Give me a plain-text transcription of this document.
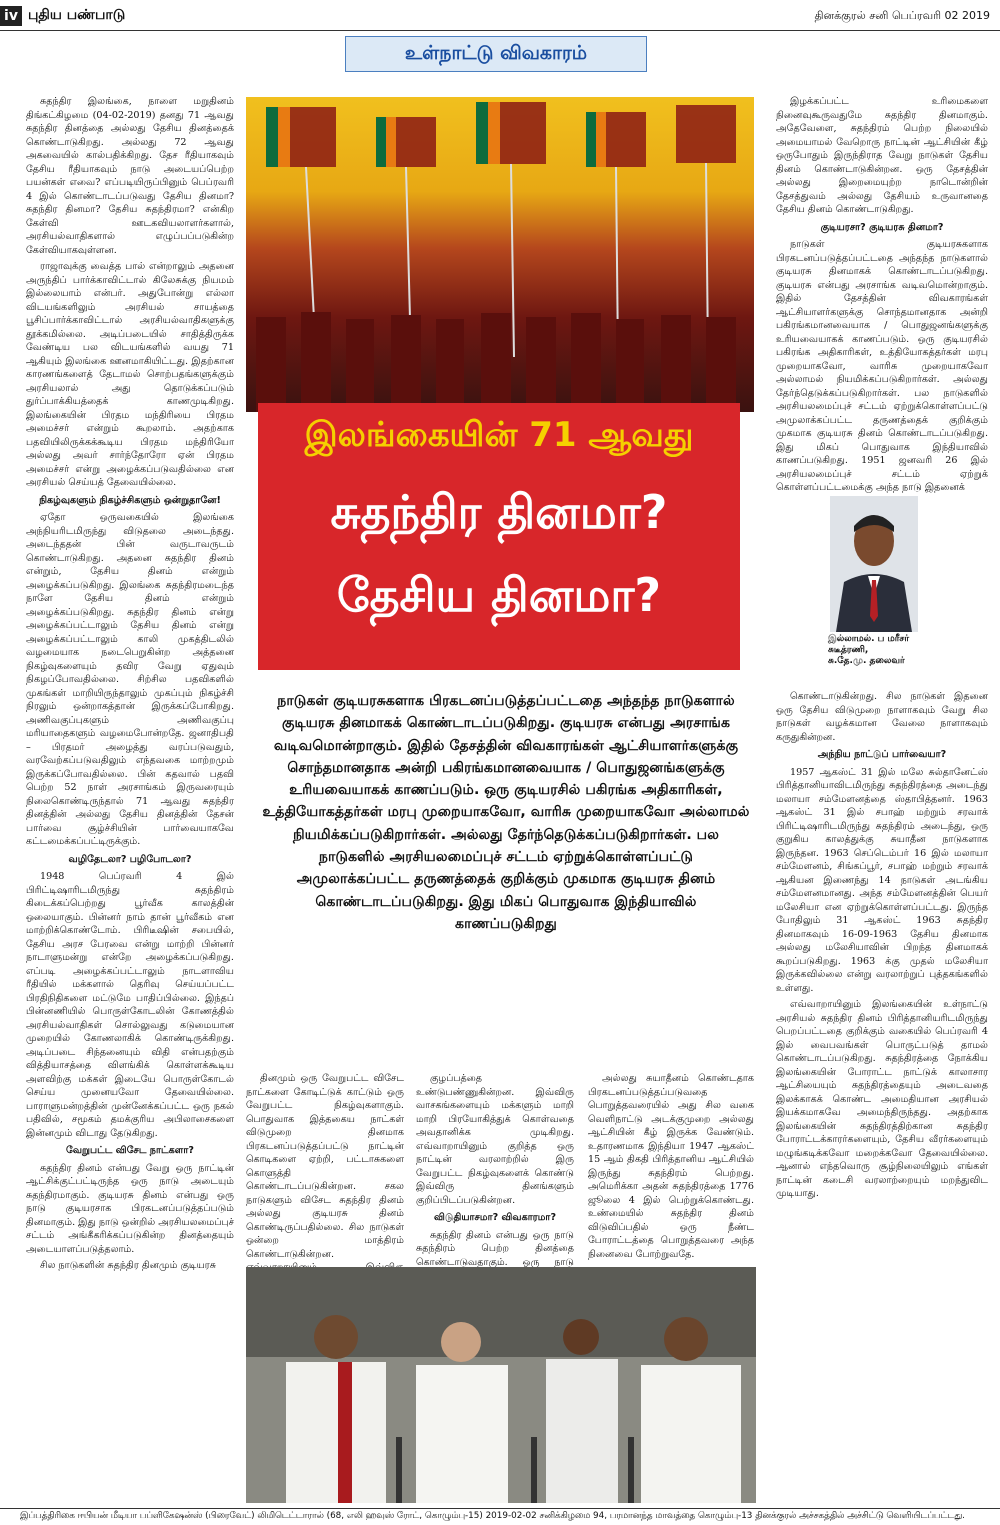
iv புதிய பண்பாடு	தினக்குரல் சனி பெப்ரவரி 02 2019
உள்நாட்டு விவகாரம்

சுதந்திர இலங்கை, நாளை மறுதினம் திங்கட்கிழமை (04-02-2019) தனது 71 ஆவது சுதந்திர தினத்தை அல்லது தேசிய தினத்தைக் கொண்டாடுகிறது. அல்லது 72 ஆவது அகவையில் கால்பதிக்கிறது. தேச ரீதியாகவும் தேசிய ரீதியாகவும் நாடு அடையப்பெற்ற பயன்கள் எவை? எப்படியிருப்பினும் பெப்ரவரி 4 இல் கொண்டாடப்படுவது தேசிய தினமா? சுதந்திர தினமா? தேசிய சுதந்திரமா? என்கிற கேள்வி ஊடகவியலாளர்களால், அரசியல்வாதிகளால் எழுப்பப்படுகின்ற கேள்வியாகவுள்ளன.

ராஜாவுக்கு வைத்த பால் என்றாலும் அதனை அருந்திப் பார்க்காவிட்டால் கிலேசுக்கு நியமம் இல்லையாம் என்பர். அதுபோன்று எல்லா விடயங்களிலும் அரசியல் சாயத்தை பூசிப்பார்க்காவிட்டால் அரசியல்வாதிகளுக்கு தூக்கமில்லை. அடிப்படையில் சாதித்திருக்க வேண்டிய பல விடயங்களில் வயது 71 ஆகியும் இலங்கை ஊனமாகியிட்டது. இதற்கான காரணங்களைத் தேடாமல் சொற்பதங்களுக்கும் அரசியலால் அது தொடுக்கப்படும் துர்ப்பாக்கியத்தைக் காணமுடிகிறது. இலங்கையின் பிரதம மந்திரியை பிரதம அமைச்சர் என்றும் கூறலாம். அதற்காக பதவியிலிருக்கக்கூடிய பிரதம மந்திரியோ அல்லது அவர் சார்ந்தோரோ ஏன் பிரதம அமைச்சர் என்று அழைக்கப்படுவதில்லை என அரசியல் செய்யத் தேவையில்லை.

நிகழ்வுகளும் நிகழ்ச்சிகளும் ஒன்றுதானே!

ஏதோ ஒருவகையில் இலங்கை அந்நியரிடமிருந்து விடுதலை அடைந்தது. அடைந்ததன் பின் வருடாவருடம் கொண்டாடுகிறது. அதனை சுதந்திர தினம் என்றும், தேசிய தினம் என்றும் அழைக்கப்படுகிறது. இலங்கை சுதந்திரமடைந்த நாளே தேசிய தினம் என்றும் அழைக்கப்படுகிறது. சுதந்திர தினம் என்று அழைக்கப்பட்டாலும் தேசிய தினம் என்று அழைக்கப்பட்டாலும் காலி முகத்திடலில் வழமையாக நடைபெறுகின்ற அத்தனை நிகழ்வுகளையும் தவிர வேறு ஏதுவும் நிகழப்போவதில்லை. சிற்சில பதவிகளில் முகங்கள் மாறியிருந்தாலும் முகப்பும் நிகழ்ச்சி நிரலும் ஒன்றாகத்தான் இருக்கப்போகிறது. அணிவகுப்புகளும் அணிவகுப்பு மரியாதைகளும் வழமைபோன்றதே. ஜனாதிபதி – பிரதமர் அழைத்து வரப்படுவதும், வரவேற்கப்படுவதிலும் எந்தவகை மாற்றமும் இருக்கப்போவதில்லை. பின் கதவால் பதவி பெற்ற 52 நாள் அரசாங்கம் இருவரையும் நிலைகொண்டிருந்தால் 71 ஆவது சுதந்திர தினத்தின் அல்லது தேசிய தினத்தின் தேசன் பார்வை சூழ்ச்சியின் பார்வையாகவே கட்டமைக்கப்பட்டிருக்கும்.

வழிதேடலா? பழிபோடலா?

1948 பெப்ரவரி 4 இல் பிரிட்டிஷாரிடமிருந்து சுதந்திரம் கிடைக்கப்பெற்றது பூர்வீக காலத்தின் ஒலையாகும். பின்னர் நாம் தான் பூர்வீகம் என மாற்றிக்கொண்டோம். பிரிடீஷின் சபையில், தேசிய அரச பேரவை என்று மாற்றி பின்னர் நாடாளுமன்று என்றே அழைக்கப்படுகிறது. எப்படி அழைக்கப்பட்டாலும் நாடளாவிய ரீதியில் மக்களால் தெரிவு செய்யப்பட்ட பிரதிநிதிகளை மட்டுமே பாதிப்பில்லை. இந்தப் பின்னணியில் பொருள்கோடலின் கோணத்தில் அரசியல்வாதிகள் சொல்லுவது கடுமையான முறையில் கோணலாகிக் கொண்டிருக்கிறது. அடிப்படை சிந்தனையும் விதி என்பதற்கும் வித்தியாசத்தை விளங்கிக் கொள்ளக்கூடிய அளவிற்கு மக்கள் இடையே பொருள்கோடல் செய்ய முனையவோ தேவையில்லை. பாராளுமன்றத்தின் முன்னேக்கப்பட்ட ஒரு நகல் பதிவில், சமூகம் தமக்குரிய அபிலாசைகளை இன்னமும் விடாது தேடுகிறது.

வேறுபட்ட விசேட நாட்களா?

சுதந்திர தினம் என்பது வேறு ஒரு நாட்டின் ஆட்சிக்குட்பட்டிருந்த ஒரு நாடு அடையும் சுதந்திரமாகும். குடியரசு தினம் என்பது ஒரு நாடு குடியரசாக பிரகடனப்படுத்தப்படும் தினமாகும். இது நாடு ஒன்றில் அரசியலமைப்புச் சட்டம் அங்கீகரிக்கப்படுகின்ற தினத்தையும் அடையாளப்படுத்தலாம்.

சில நாடுகளின் சுதந்திர தினமும் குடியரசு

இலங்கையின் 71 ஆவது
சுதந்திர தினமா?
தேசிய தினமா?

இழக்கப்பட்ட உரிமைகளை நினைவுகூருவதுமே சுதந்திர தினமாகும். அதேவேளை, சுதந்திரம் பெற்ற நிலையில் அமையாமல் வேறொரு நாட்டின் ஆட்சியின் கீழ் ஒருபோதும் இருந்திராத வேறு நாடுகள் தேசிய தினம் கொண்டாடுகின்றன. ஒரு தேசத்தின் அல்லது இறைமையுற்ற நாடொன்றின் தேசத்துவம் அல்லது தேசியம் உருவானதை தேசிய தினம் கொண்டாடுகிறது.

குடியரசா? குடியரசு தினமா?

நாடுகள் குடியரசுகளாக பிரகடனப்படுத்தப்பட்டதை அந்தந்த நாடுகளால் குடியரசு தினமாகக் கொண்டாடப்படுகிறது. குடியரசு என்பது அரசாங்க வடிவமொன்றாகும். இதில் தேசத்தின் விவகாரங்கள் ஆட்சியாளர்களுக்கு சொந்தமானதாக அன்றி பகிரங்கமானவையாக / பொதுஜனங்களுக்கு உரியவையாகக் காணப்படும். ஒரு குடியரசில் பகிரங்க அதிகாரிகள், உத்தியோகத்தர்கள் மரபு முறையாகவோ, வாரிசு முறையாகவோ அல்லாமல் நியமிக்கப்படுகிறார்கள். அல்லது தேர்ந்தெடுக்கப்படுகிறார்கள். பல நாடுகளில் அரசியலமைப்புச் சட்டம் ஏற்றுக்கொள்ளப்பட்டு அமுலாக்கப்பட்ட தருணத்தைக் குறிக்கும் முகமாக குடியரசு தினம் கொண்டாடப்படுகிறது. இது மிகப் பொதுவாக இந்தியாவில் காணப்படுகிறது. 1951 ஜனவரி 26 இல் அரசியலமைப்புச் சட்டம் ஏற்றுக் கொள்ளப்பட்டமைக்கு அந்த நாடு இதனைக்

இல்லாமல். ப மரீசர்
சுடீத்ரணி,
சு.தே.மு. தலைவர்
நாடுகள் குடியரசுகளாக பிரகடனப்படுத்தப்பட்டதை அந்தந்த நாடுகளால் குடியரசு தினமாகக் கொண்டாடப்படுகிறது. குடியரசு என்பது அரசாங்க வடிவமொன்றாகும். இதில் தேசத்தின் விவகாரங்கள் ஆட்சியாளர்களுக்கு சொந்தமானதாக அன்றி பகிரங்கமானவையாக / பொதுஜனங்களுக்கு உரியவையாகக் காணப்படும். ஒரு குடியரசில் பகிரங்க அதிகாரிகள், உத்தியோகத்தர்கள் மரபு முறையாகவோ, வாரிசு முறையாகவோ அல்லாமல் நியமிக்கப்படுகிறார்கள். அல்லது தேர்ந்தெடுக்கப்படுகிறார்கள். பல நாடுகளில் அரசியலமைப்புச் சட்டம் ஏற்றுக்கொள்ளப்பட்டு அமுலாக்கப்பட்ட தருணத்தைக் குறிக்கும் முகமாக குடியரசு தினம் கொண்டாடப்படுகிறது. இது மிகப் பொதுவாக இந்தியாவில் காணப்படுகிறது

கொண்டாடுகின்றது. சில நாடுகள் இதனை ஒரு தேசிய விடுமுறை நாளாகவும் வேறு சில நாடுகள் வழக்கமான வேலை நாளாகவும் கருதுகின்றன.

அந்நிய நாட்டுப் பார்வையா?

1957 ஆகஸ்ட் 31 இல் மலே சுல்தானேட்ஸ் பிரித்தானியாவிடமிருந்து சுதந்திரத்தை அடைந்து மலாயா சம்மேளனத்தை ஸ்தாபித்தனர். 1963 ஆகஸ்ட் 31 இல் சபாஹ் மற்றும் சரவாக் பிரிட்டிஷாரிடமிருந்து சுதந்திரம் அடைந்து, ஒரு குறுகிய காலத்துக்கு சுயாதீன நாடுகளாக இருந்தன. 1963 செப்டெம்பர் 16 இல் மலாயா சம்மேளனம், சிங்கப்பூர், சபாஹ் மற்றும் சரவாக் ஆகியன இணைந்து 14 நாடுகள் அடங்கிய சம்மேளனமானது. அந்த சம்மேளனத்தின் பெயர் மலேசியா என ஏற்றுக்கொள்ளப்பட்டது. இருந்த போதிலும் 31 ஆகஸ்ட் 1963 சுதந்திர தினமாகவும் 16-09-1963 தேசிய தினமாக அல்லது மலேசியாவின் பிறந்த தினமாகக் கூறப்படுகிறது. 1963 க்கு முதல் மலேசியா இருக்கவில்லை என்று வரலாற்றுப் புத்தகங்களில் உள்ளது.

எவ்வாறாயினும் இலங்கையின் உள்நாட்டு அரசியல் சுதந்திர தினம் பிரித்தானியரிடமிருந்து பெறப்பட்டதை குறிக்கும் வகையில் பெப்ரவரி 4 இல் வைபவங்கள் பொருட்படுத் தாமல் கொண்டாடப்படுகிறது. சுதந்திரத்தை நோக்கிய இலங்கையின் போராட்ட நாட்டுக் காலாசார ஆட்சியையும் சுதந்திரத்தையும் அடைவதை இலக்காகக் கொண்ட அமைதியான அரசியல் இயக்கமாகவே அமைந்திருந்தது. அதற்காக இலங்கையின் சுதந்திரத்திற்கான சுதந்திர போராட்டக்காரர்களையும், தேசிய வீரர்களையும் மழுங்கடிக்கவோ மறைக்கவோ தேவையில்லை. ஆனால் எந்தவொரு சூழ்நிலையிலும் எங்கள் நாட்டின் கடைசி வரலாற்றையும் மறந்துவிட முடியாது.

தினமும் ஒரு வேறுபட்ட விசேட நாட்களை கோடிட்டுக் காட்டும் ஒரு வேறுபட்ட நிகழ்வுகளாகும். பொதுவாக இத்தகைய நாட்கள் விடுமுறை தினமாக பிரகடனப்படுத்தப்பட்டு நாட்டின் கொடிகளை ஏற்றி, பட்டாசுகளை கொளுத்தி கொண்டாடப்படுகின்றன. சகல நாடுகளும் விசேட சுதந்திர தினம் அல்லது குடியரசு தினம் கொண்டிருப்பதில்லை. சில நாடுகள் ஒன்றை மாத்திரம் கொண்டாடுகின்றன.

குழப்பத்தை உண்டுபண்ணுகின்றன. இவ்விரு வாசகங்களையும் மக்களும் மாறி மாறி பிரயோகித்துக் கொள்வதை அவதானிக்க முடிகிறது. எவ்வாறாயினும் குறித்த ஒரு நாட்டின் வரலாற்றில் இரு வேறுபட்ட நிகழ்வுகளைக் கொண்டு இவ்விரு தினங்களும் குறிப்பிடப்படுகின்றன.

விடுதியாசமா? விவகாரமா?

சுதந்திர தினம் என்பது ஒரு நாடு சுதந்திரம் பெற்ற தினத்தை கொண்டாடுவதாகும். ஒரு நாடு

அல்லது சுயாதீனம் கொண்டதாக பிரகடனப்படுத்தப்படுவதை பொறுத்தவரையில் அது சில வகை வெளிநாட்டு அடக்குமுறை அல்லது ஆட்சியின் கீழ் இருக்க வேண்டும். உதாரணமாக இந்தியா 1947 ஆகஸ்ட் 15 ஆம் திகதி பிரித்தானிய ஆட்சியில் இருந்து சுதந்திரம் பெற்றது. அமெரிக்கா அதன் சுதந்திரத்தை 1776 ஜூலை 4 இல் பெற்றுக்கொண்டது. உண்மையில் சுதந்திர தினம் விடுவிப்பதில் ஒரு நீண்ட போராட்டத்தை பொறுத்தவரை அந்த நினைவை போற்றுவதே.

இப்பத்திரிகை ஈபியன் மீடியா பப்ளிகேஷன்ஸ் (பிரைவேட்) லிமிடெட்டாரால் (68, எலி ஹவுஸ் ரோட், கொழும்பு-15) 2019-02-02 சனிக்கிழமை 94, பரமானந்த மாவத்தை கொழும்பு-13 தினக்குரல் அச்சகத்தில் அச்சிட்டு வெளியிடப்பட்டது.
